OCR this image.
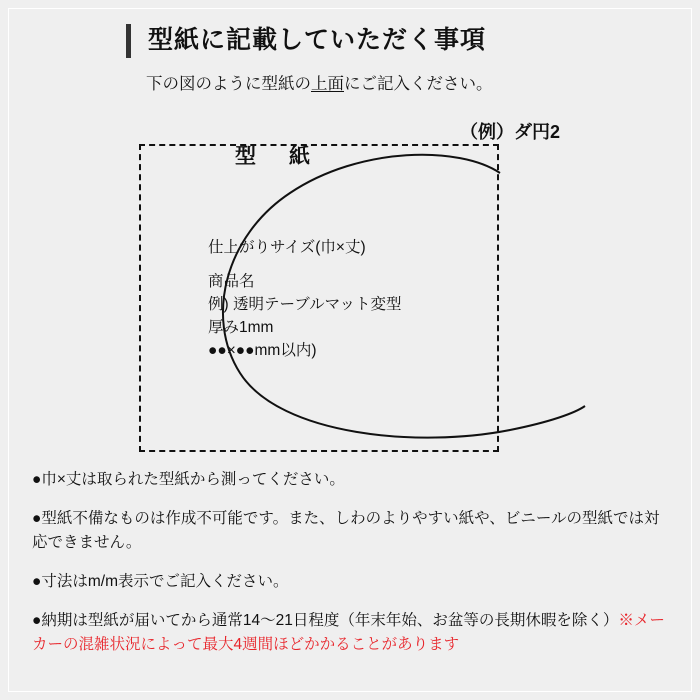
型紙に記載していただく事項
下の図のように型紙の上面にご記入ください。
（例）ダ円2
型　紙
仕上がりサイズ(巾×丈)
商品名
例) 透明テーブルマット変型
厚み1mm
●●×●●mm以内)
●巾×丈は取られた型紙から測ってください。
●型紙不備なものは作成不可能です。また、しわのよりやすい紙や、ビニールの型紙では対応できません。
●寸法はm/m表示でご記入ください。
●納期は型紙が届いてから通常14～21日程度（年末年始、お盆等の長期休暇を除く）※メーカーの混雑状況によって最大4週間ほどかかることがあります
